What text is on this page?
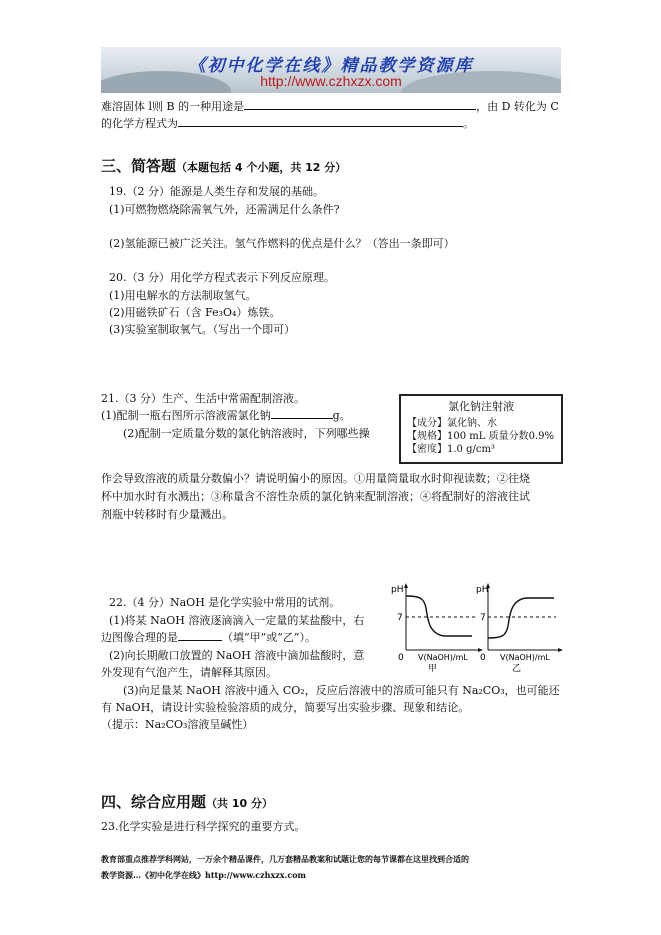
《初中化学在线》精品教学资源库
http://www.czhxzx.com
难溶固体 l则 B 的一种用途是	，由 D 转化为 C
的化学方程式为	。
三、简答题（本题包括 4 个小题，共 12 分）
19.（2 分）能源是人类生存和发展的基础。
(1)可燃物燃烧除需氧气外，还需满足什么条件?
(2)氢能源已被广泛关注。氢气作燃料的优点是什么？（答出一条即可）
20.（3 分）用化学方程式表示下列反应原理。
(1)用电解水的方法制取氢气。
(2)用磁铁矿石（含 Fe₃O₄）炼铁。
(3)实验室制取氧气。（写出一个即可）
21.（3 分）生产、生活中常需配制溶液。
(1)配制一瓶右图所示溶液需氯化钠	g。
(2)配制一定质量分数的氯化钠溶液时，下列哪些操
氯化钠注射液
【成分】氯化钠、水
【规格】100 mL 质量分数0.9%
【密度】1.0 g/cm³
作会导致溶液的质量分数偏小？请说明偏小的原因。①用量筒量取水时仰视读数；②往烧
杯中加水时有水溅出；③称量含不溶性杂质的氯化钠来配制溶液；④将配制好的溶液往试
剂瓶中转移时有少量溅出。
22.（4 分）NaOH 是化学实验中常用的试剂。
(1)将某 NaOH 溶液逐滴滴入一定量的某盐酸中，右
边图像合理的是	（填“甲”或“乙”）。
(2)向长期敞口放置的 NaOH 溶液中滴加盐酸时，意
外发现有气泡产生，请解释其原因。
(3)向足量某 NaOH 溶液中通入 CO₂，反应后溶液中的溶质可能只有 Na₂CO₃，也可能还
有 NaOH，请设计实验检验溶质的成分，简要写出实验步骤、现象和结论。
（提示：Na₂CO₃溶液呈碱性）
pH
7
0 V(NaOH)/mL
甲
pH
7
0 V(NaOH)/mL
乙
四、综合应用题（共 10 分）
23.化学实验是进行科学探究的重要方式。
教育部重点推荐学科网站，一万余个精品课件，几万套精品教案和试题让您的每节课都在这里找到合适的
教学资源…《初中化学在线》http://www.czhxzx.com
